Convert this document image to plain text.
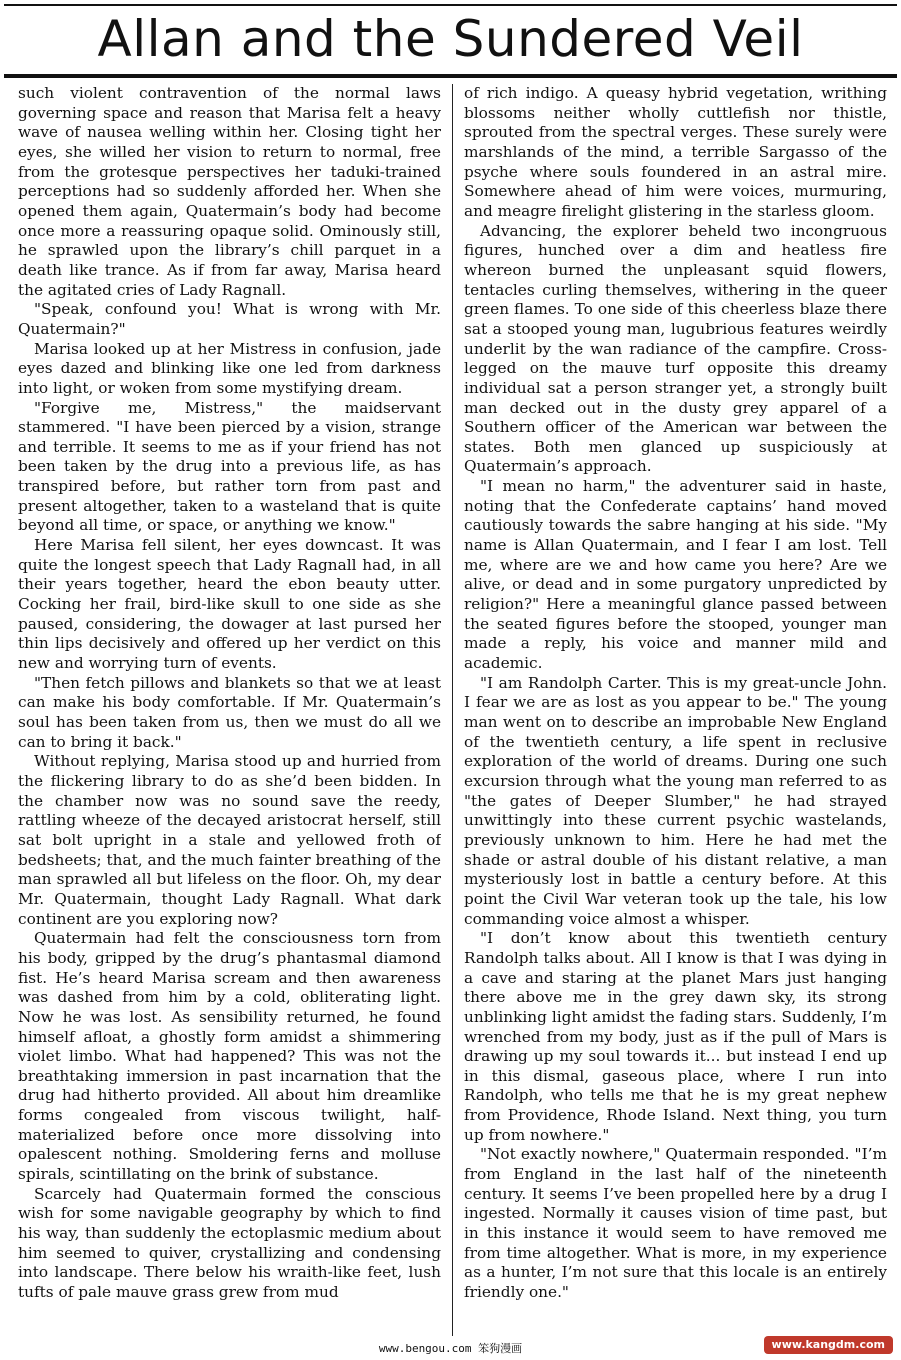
Allan and the Sundered Veil

such violent contravention of the normal laws governing space and reason that Marisa felt a heavy wave of nausea welling within her. Closing tight her eyes, she willed her vision to return to normal, free from the grotesque perspectives her taduki-trained perceptions had so suddenly afforded her. When she opened them again, Quatermain’s body had become once more a reassuring opaque solid. Ominously still, he sprawled upon the library’s chill parquet in a death like trance. As if from far away, Marisa heard the agitated cries of Lady Ragnall.

"Speak, confound you! What is wrong with Mr. Quatermain?"

Marisa looked up at her Mistress in confusion, jade eyes dazed and blinking like one led from darkness into light, or woken from some mystifying dream.

"Forgive me, Mistress," the maidservant stammered. "I have been pierced by a vision, strange and terrible. It seems to me as if your friend has not been taken by the drug into a previous life, as has transpired before, but rather torn from past and present altogether, taken to a wasteland that is quite beyond all time, or space, or anything we know."

Here Marisa fell silent, her eyes downcast. It was quite the longest speech that Lady Ragnall had, in all their years together, heard the ebon beauty utter. Cocking her frail, bird-like skull to one side as she paused, considering, the dowager at last pursed her thin lips decisively and offered up her verdict on this new and worrying turn of events.

"Then fetch pillows and blankets so that we at least can make his body comfortable. If Mr. Quatermain’s soul has been taken from us, then we must do all we can to bring it back."

Without replying, Marisa stood up and hurried from the flickering library to do as she’d been bidden. In the chamber now was no sound save the reedy, rattling wheeze of the decayed aristocrat herself, still sat bolt upright in a stale and yellowed froth of bedsheets; that, and the much fainter breathing of the man sprawled all but lifeless on the floor. Oh, my dear Mr. Quatermain, thought Lady Ragnall. What dark continent are you exploring now?

Quatermain had felt the consciousness torn from his body, gripped by the drug’s phantasmal diamond fist. He’s heard Marisa scream and then awareness was dashed from him by a cold, obliterating light. Now he was lost. As sensibility returned, he found himself afloat, a ghostly form amidst a shimmering violet limbo. What had happened? This was not the breathtaking immersion in past incarnation that the drug had hitherto provided. All about him dreamlike forms congealed from viscous twilight, half-materialized before once more dissolving into opalescent nothing. Smoldering ferns and molluse spirals, scintillating on the brink of substance.

Scarcely had Quatermain formed the conscious wish for some navigable geography by which to find his way, than suddenly the ectoplasmic medium about him seemed to quiver, crystallizing and condensing into landscape. There below his wraith-like feet, lush tufts of pale mauve grass grew from mud

of rich indigo. A queasy hybrid vegetation, writhing blossoms neither wholly cuttlefish nor thistle, sprouted from the spectral verges. These surely were marshlands of the mind, a terrible Sargasso of the psyche where souls foundered in an astral mire. Somewhere ahead of him were voices, murmuring, and meagre firelight glistering in the starless gloom.

Advancing, the explorer beheld two incongruous figures, hunched over a dim and heatless fire whereon burned the unpleasant squid flowers, tentacles curling themselves, withering in the queer green flames. To one side of this cheerless blaze there sat a stooped young man, lugubrious features weirdly underlit by the wan radiance of the campfire. Cross-legged on the mauve turf opposite this dreamy individual sat a person stranger yet, a strongly built man decked out in the dusty grey apparel of a Southern officer of the American war between the states. Both men glanced up suspiciously at Quatermain’s approach.

"I mean no harm," the adventurer said in haste, noting that the Confederate captains’ hand moved cautiously towards the sabre hanging at his side. "My name is Allan Quatermain, and I fear I am lost. Tell me, where are we and how came you here? Are we alive, or dead and in some purgatory unpredicted by religion?" Here a meaningful glance passed between the seated figures before the stooped, younger man made a reply, his voice and manner mild and academic.

"I am Randolph Carter. This is my great-uncle John. I fear we are as lost as you appear to be." The young man went on to describe an improbable New England of the twentieth century, a life spent in reclusive exploration of the world of dreams. During one such excursion through what the young man referred to as "the gates of Deeper Slumber," he had strayed unwittingly into these current psychic wastelands, previously unknown to him. Here he had met the shade or astral double of his distant relative, a man mysteriously lost in battle a century before. At this point the Civil War veteran took up the tale, his low commanding voice almost a whisper.

"I don’t know about this twentieth century Randolph talks about. All I know is that I was dying in a cave and staring at the planet Mars just hanging there above me in the grey dawn sky, its strong unblinking light amidst the fading stars. Suddenly, I’m wrenched from my body, just as if the pull of Mars is drawing up my soul towards it... but instead I end up in this dismal, gaseous place, where I run into Randolph, who tells me that he is my great nephew from Providence, Rhode Island. Next thing, you turn up from nowhere."

"Not exactly nowhere," Quatermain responded. "I’m from England in the last half of the nineteenth century. It seems I’ve been propelled here by a drug I ingested. Normally it causes vision of time past, but in this instance it would seem to have removed me from time altogether. What is more, in my experience as a hunter, I’m not sure that this locale is an entirely friendly one."

www.bengou.com 笨狗漫画	www.kangdm.com
